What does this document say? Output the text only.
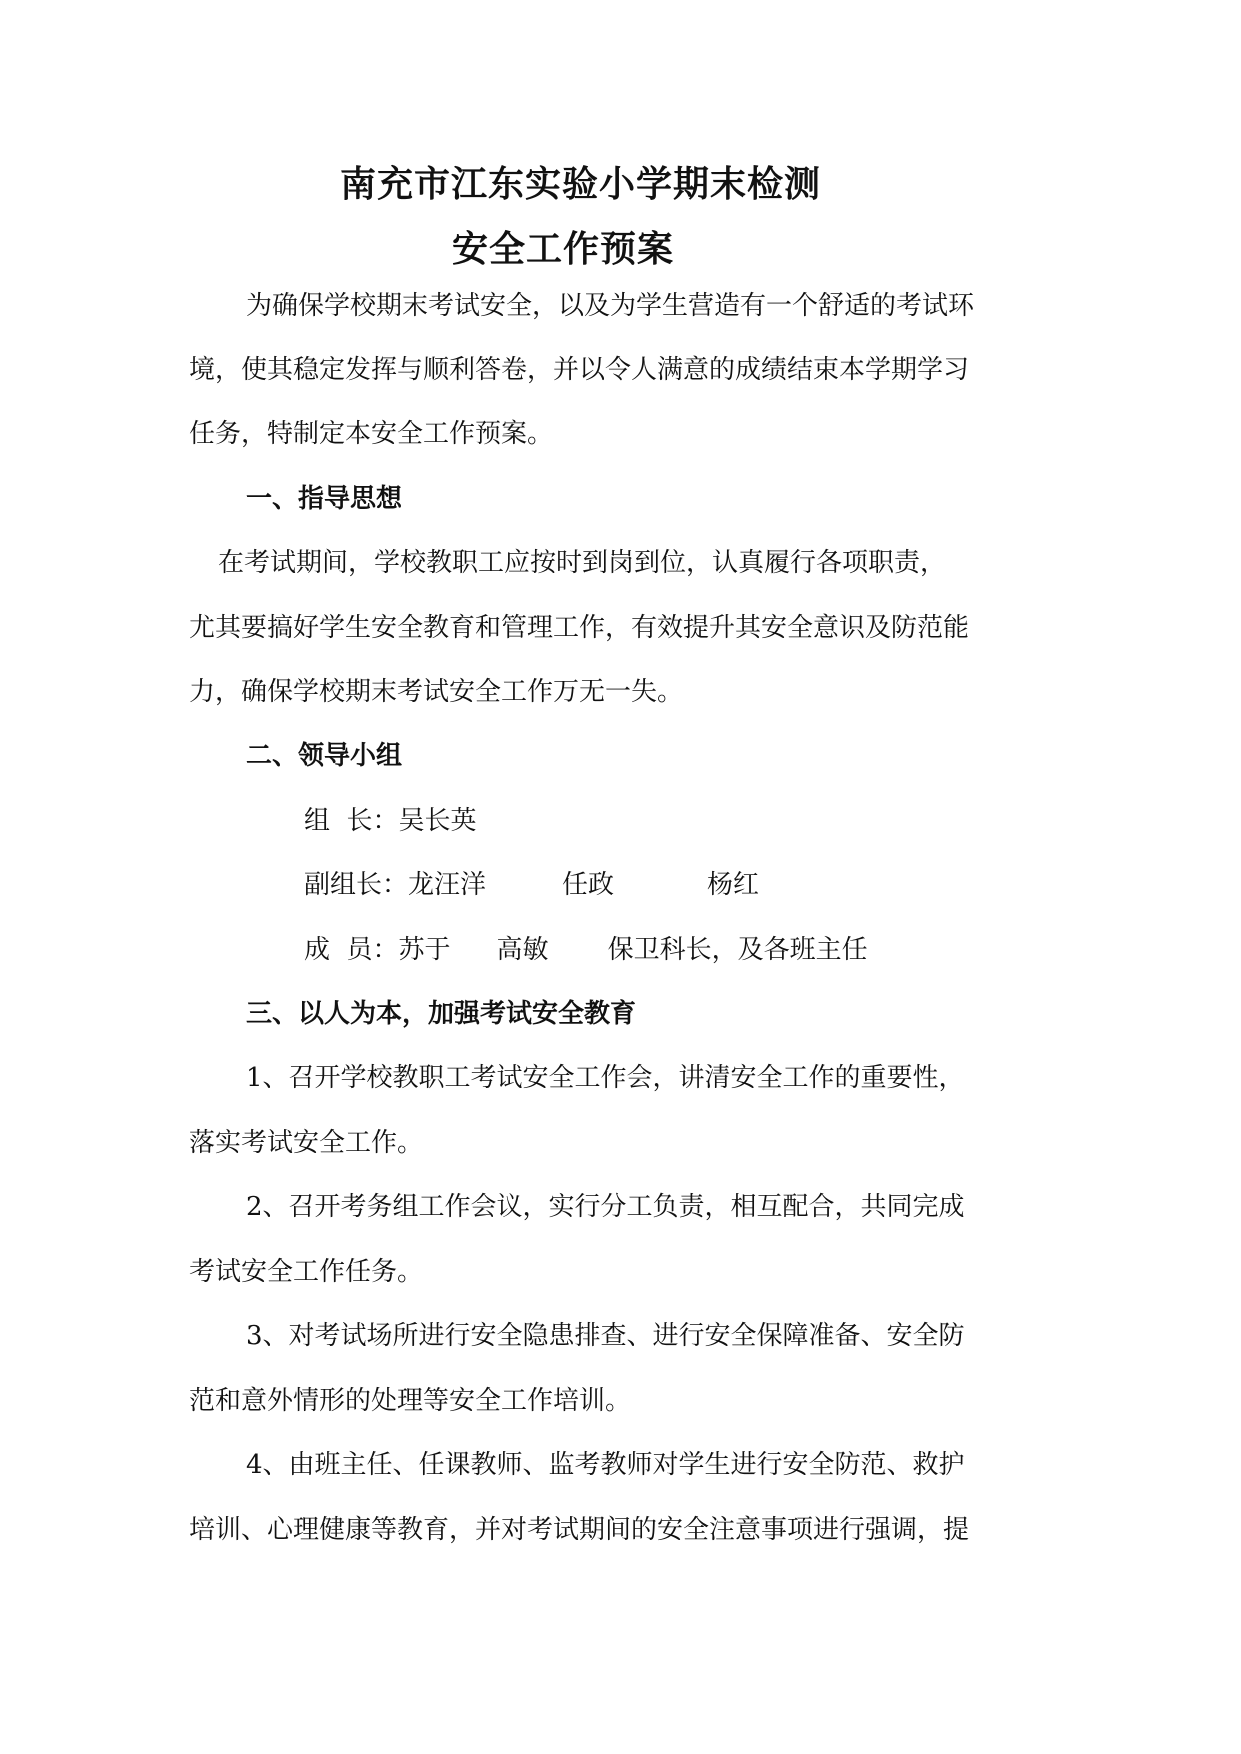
南充市江东实验小学期末检测
安全工作预案
为确保学校期末考试安全，以及为学生营造有一个舒适的考试环
境，使其稳定发挥与顺利答卷，并以令人满意的成绩结束本学期学习
任务，特制定本安全工作预案。
一、指导思想
在考试期间，学校教职工应按时到岗到位，认真履行各项职责，
尤其要搞好学生安全教育和管理工作，有效提升其安全意识及防范能
力，确保学校期末考试安全工作万无一失。
二、领导小组
组  长：吴长英
副组长：龙汪洋	任政	杨红
成  员：苏于 高敏 保卫科长，及各班主任
三、以人为本，加强考试安全教育
1、召开学校教职工考试安全工作会，讲清安全工作的重要性，
落实考试安全工作。
2、召开考务组工作会议，实行分工负责，相互配合，共同完成
考试安全工作任务。
3、对考试场所进行安全隐患排查、进行安全保障准备、安全防
范和意外情形的处理等安全工作培训。
4、由班主任、任课教师、监考教师对学生进行安全防范、救护
培训、心理健康等教育，并对考试期间的安全注意事项进行强调，提
